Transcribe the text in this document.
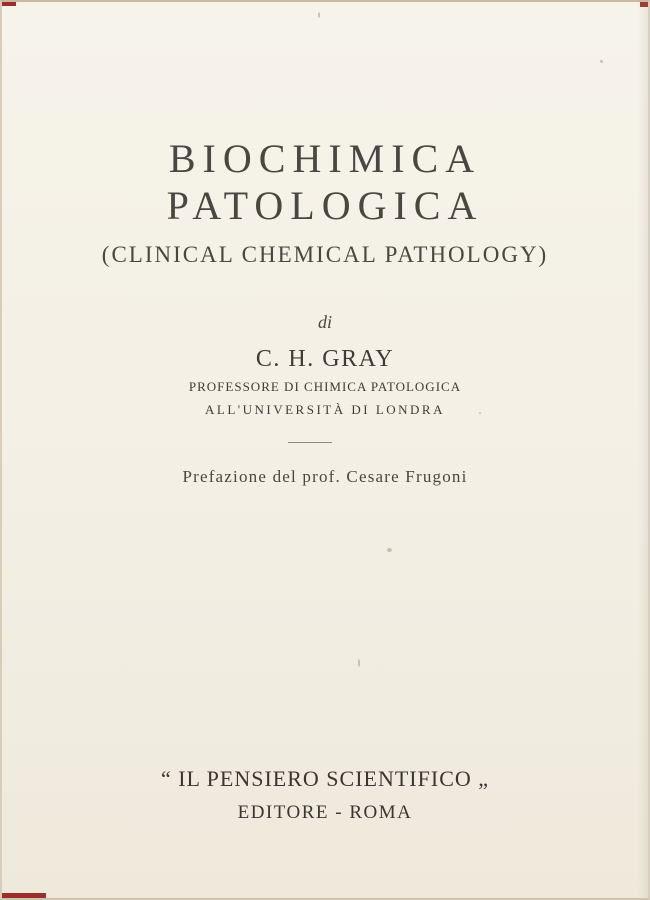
BIOCHIMICA
PATOLOGICA
(CLINICAL CHEMICAL PATHOLOGY)
di
C. H. GRAY
PROFESSORE DI CHIMICA PATOLOGICA
ALL'UNIVERSITÀ DI LONDRA
Prefazione del prof. Cesare Frugoni
“ IL PENSIERO SCIENTIFICO „
EDITORE - ROMA
